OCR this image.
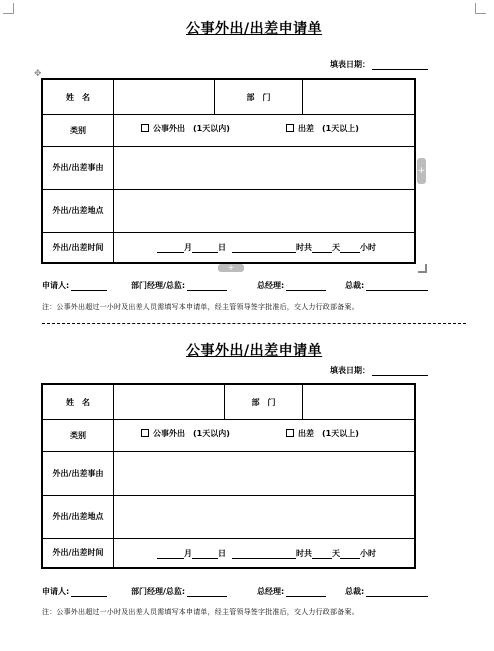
公事外出/出差申请单
填表日期：
✥
姓　名	部　门
类别	公事外出　(1天以内)	出差　(1天以上)
外出/出差事由
外出/出差地点
外出/出差时间	月	日	时共	天	小时
+
+
申请人:	部门经理/总监:	总经理:	总裁:
注：公事外出超过一小时及出差人员需填写本申请单，经主管领导签字批准后，交人力行政部备案。
公事外出/出差申请单
填表日期：
姓　名	部　门
类别	公事外出　(1天以内)	出差　(1天以上)
外出/出差事由
外出/出差地点
外出/出差时间	月	日	时共	天	小时
申请人:	部门经理/总监:	总经理:	总裁:
注：公事外出超过一小时及出差人员需填写本申请单，经主管领导签字批准后，交人力行政部备案。
